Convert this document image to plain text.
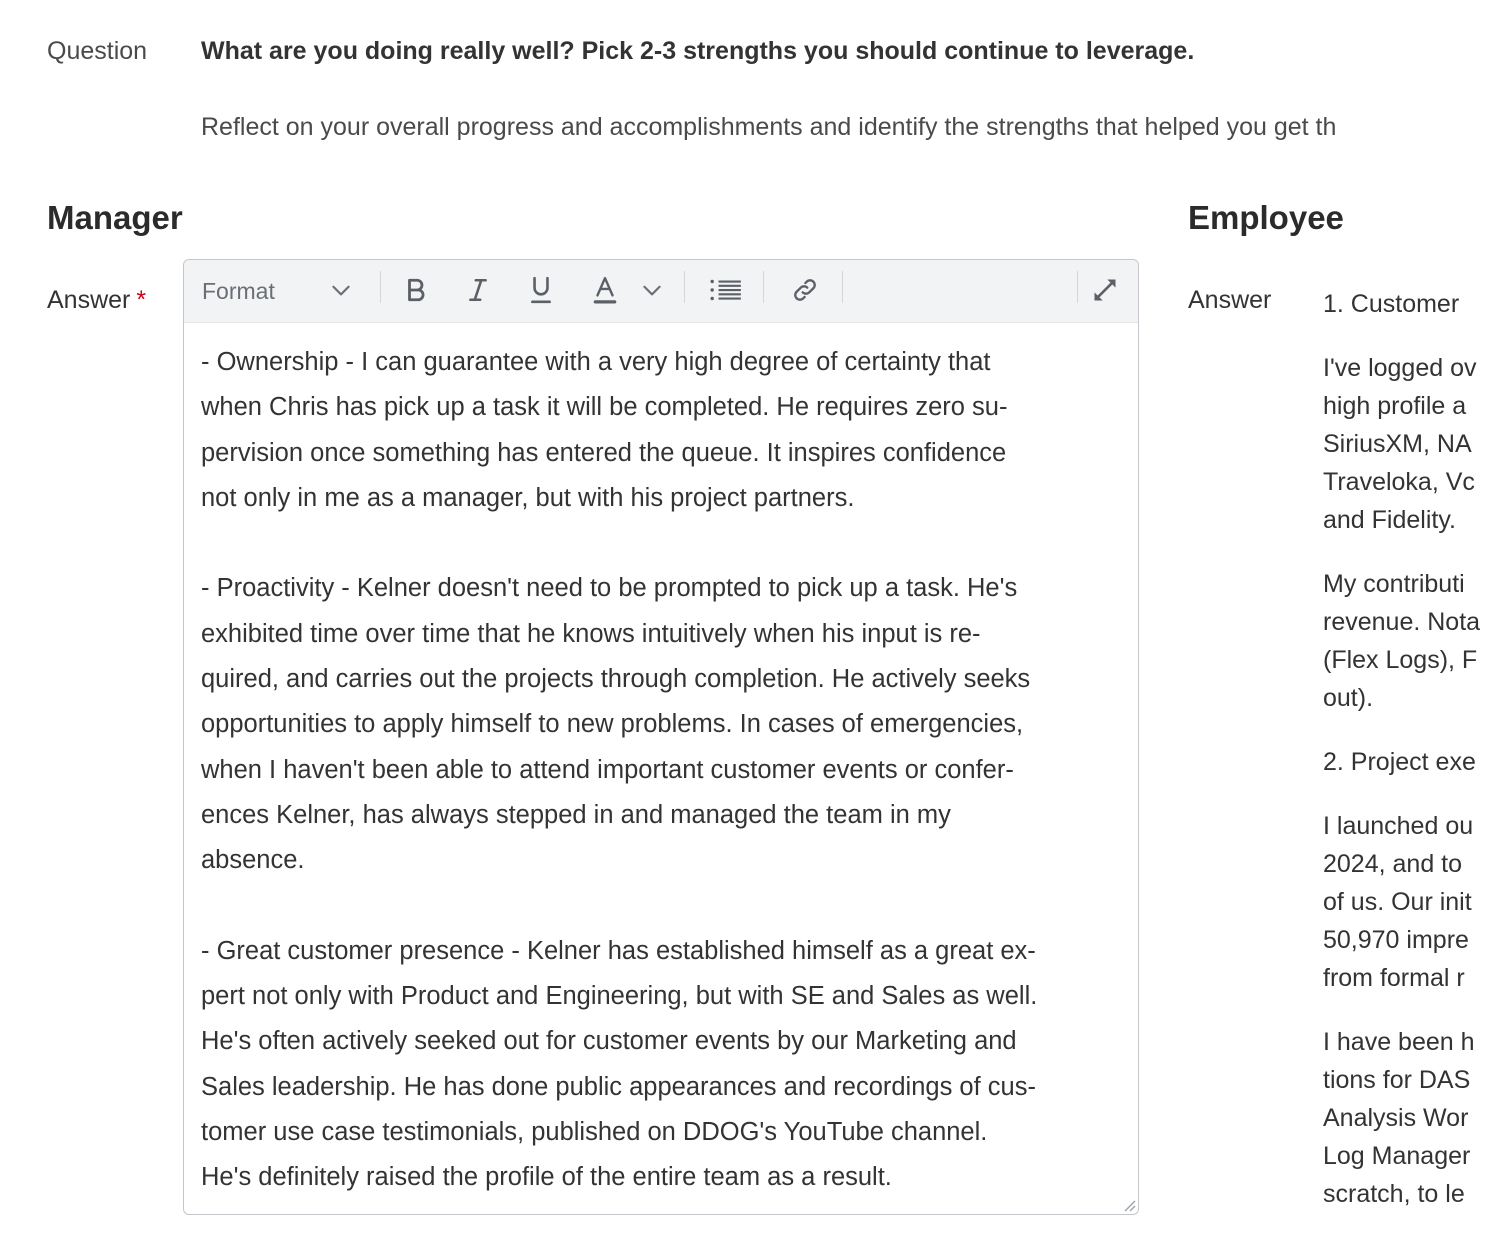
Question What are you doing really well? Pick 2-3 strengths you should continue to leverage.
Reflect on your overall progress and accomplishments and identify the strengths that helped you get th
Manager	Employee
Answer * Format

- Ownership - I can guarantee with a very high degree of certainty that
when Chris has pick up a task it will be completed. He requires zero su-
pervision once something has entered the queue. It inspires confidence
not only in me as a manager, but with his project partners.

- Proactivity - Kelner doesn't need to be prompted to pick up a task. He's
exhibited time over time that he knows intuitively when his input is re-
quired, and carries out the projects through completion. He actively seeks
opportunities to apply himself to new problems. In cases of emergencies,
when I haven't been able to attend important customer events or confer-
ences Kelner, has always stepped in and managed the team in my
absence.

- Great customer presence - Kelner has established himself as a great ex-
pert not only with Product and Engineering, but with SE and Sales as well.
He's often actively seeked out for customer events by our Marketing and
Sales leadership. He has done public appearances and recordings of cus-
tomer use case testimonials, published on DDOG's YouTube channel.
He's definitely raised the profile of the entire team as a result.

Answer 1. Customer
I've logged ov
high profile a
SiriusXM, NA
Traveloka, Vc
and Fidelity.
My contributi
revenue. Nota
(Flex Logs), F
out).
2. Project exe
I launched ou
2024, and to
of us. Our init
50,970 impre
from formal r
I have been h
tions for DAS
Analysis Wor
Log Manager
scratch, to le
